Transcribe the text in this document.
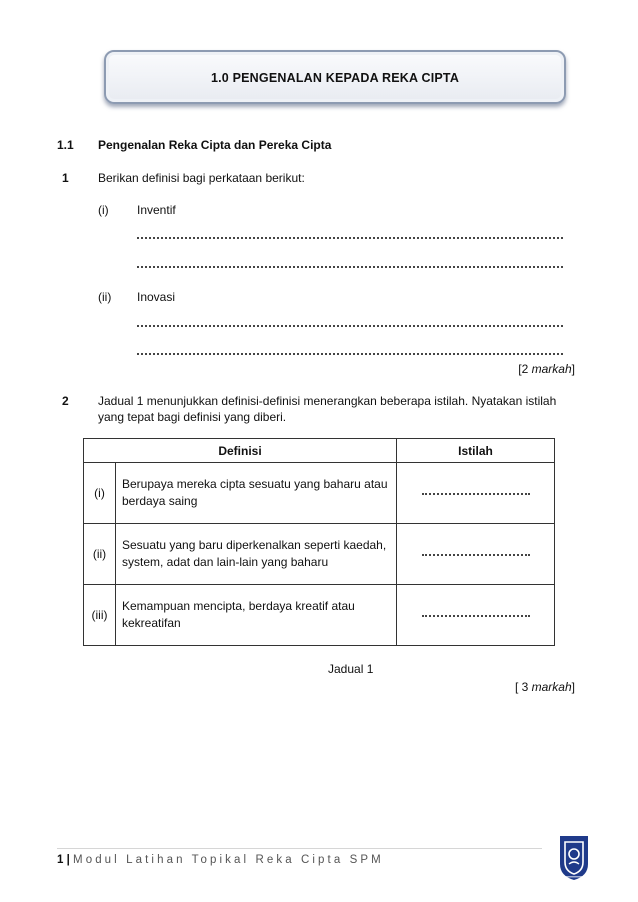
1.0 PENGENALAN KEPADA REKA CIPTA
1.1 Pengenalan Reka Cipta dan Pereka Cipta
1 Berikan definisi bagi perkataan berikut:
(i) Inventif
(ii) Inovasi
[2 markah]
2 Jadual 1 menunjukkan definisi-definisi menerangkan beberapa istilah. Nyatakan istilah
yang tepat bagi definisi yang diberi.
Definisi		Istilah
(i)	Berupaya mereka cipta sesuatu yang baharu atau
berdaya saing	

(ii)	Sesuatu yang baru diperkenalkan seperti kaedah,
system, adat dan lain-lain yang baharu	

(iii)	Kemampuan mencipta, berdaya kreatif atau
kekreatifan	

Jadual 1
[ 3 markah]
1 | Modul Latihan Topikal Reka Cipta SPM
